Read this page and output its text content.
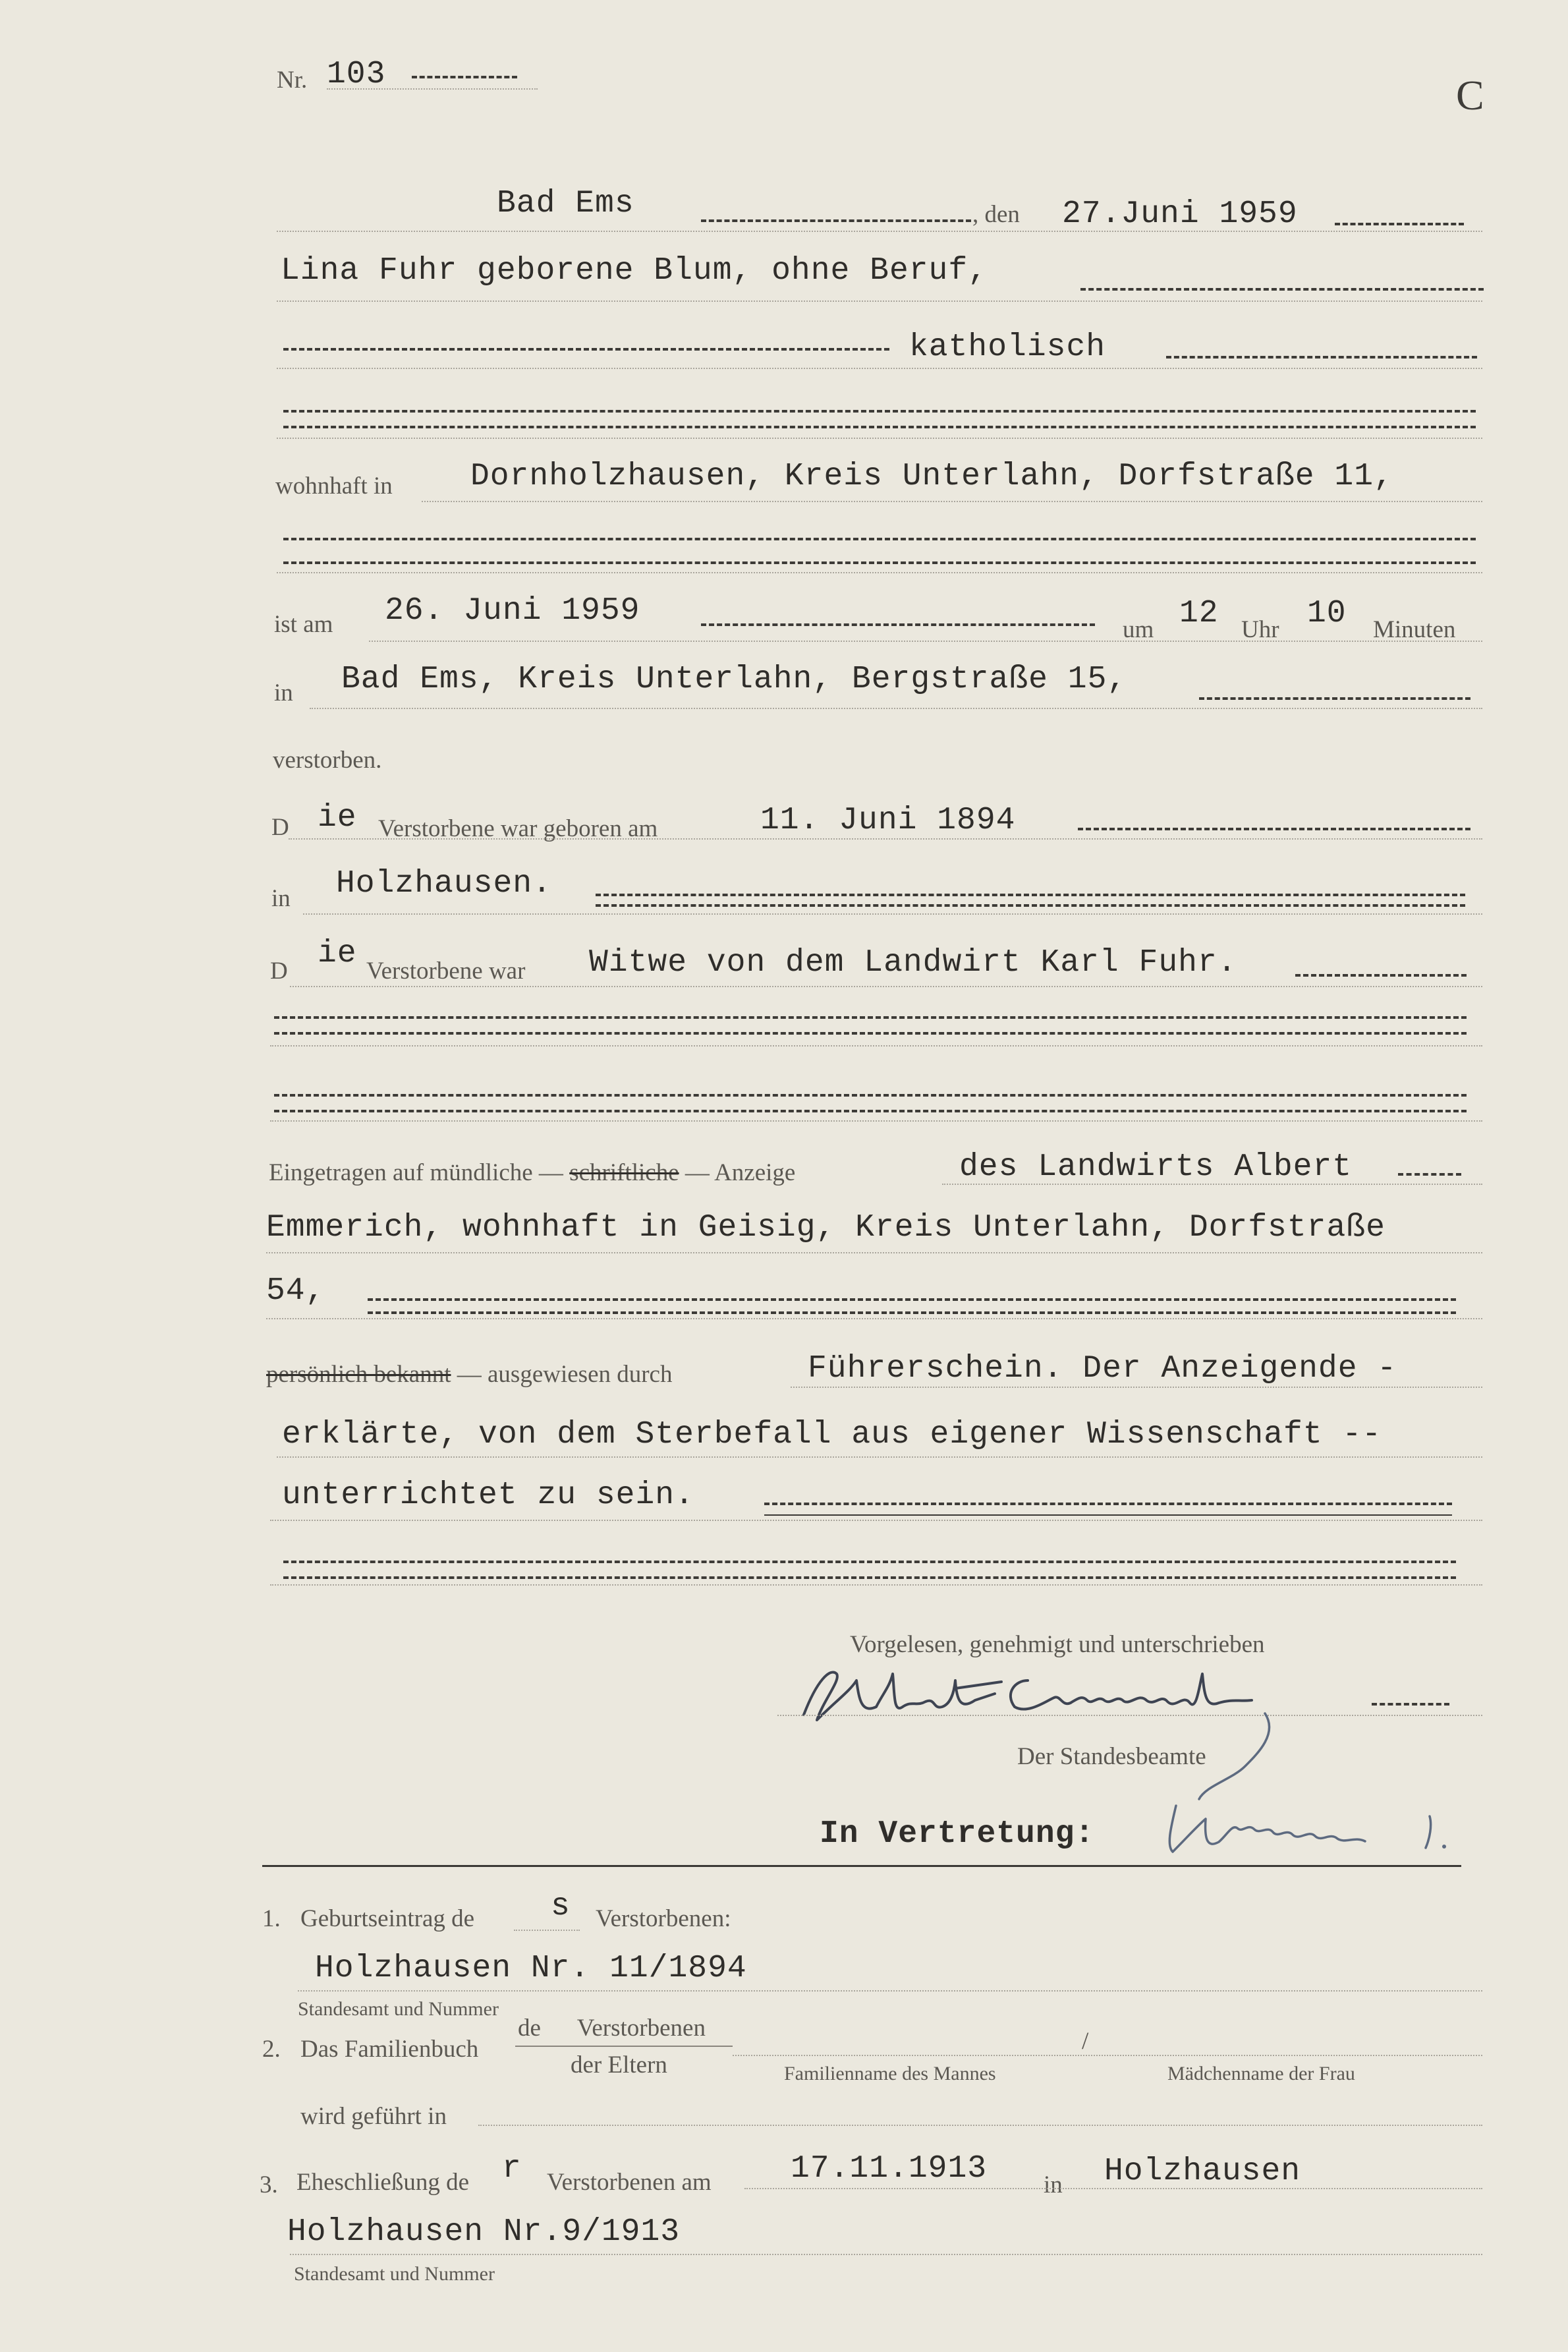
Nr. 103	C
Bad Ems	, den 27.Juni 1959
Lina Fuhr geborene Blum, ohne Beruf,
katholisch
wohnhaft in Dornholzhausen, Kreis Unterlahn, Dorfstraße 11,
ist am 26. Juni 1959
um 12 Uhr 10 Minuten
in Bad Ems, Kreis Unterlahn, Bergstraße 15,
verstorben.
D ie Verstorbene war geboren am	11. Juni 1894
in Holzhausen.
D ie Verstorbene war Witwe von dem Landwirt Karl Fuhr.
Eingetragen auf mündliche — schriftliche — Anzeige	des Landwirts Albert
Emmerich, wohnhaft in Geisig, Kreis Unterlahn, Dorfstraße
54,
persönlich bekannt — ausgewiesen durch	Führerschein. Der Anzeigende -
erklärte, von dem Sterbefall aus eigener Wissenschaft --
unterrichtet zu sein.
Vorgelesen, genehmigt und unterschrieben
Der Standesbeamte
In Vertretung:
1. Geburtseintrag de s Verstorbenen:
Holzhausen Nr. 11/1894
Standesamt und Nummer
2. Das Familienbuch
de      Verstorbenen
der Eltern
/
Familienname des Mannes	Mädchenname der Frau
wird geführt in
3. Eheschließung de r Verstorbenen am	17.11.1913 in Holzhausen
Holzhausen Nr.9/1913
Standesamt und Nummer
